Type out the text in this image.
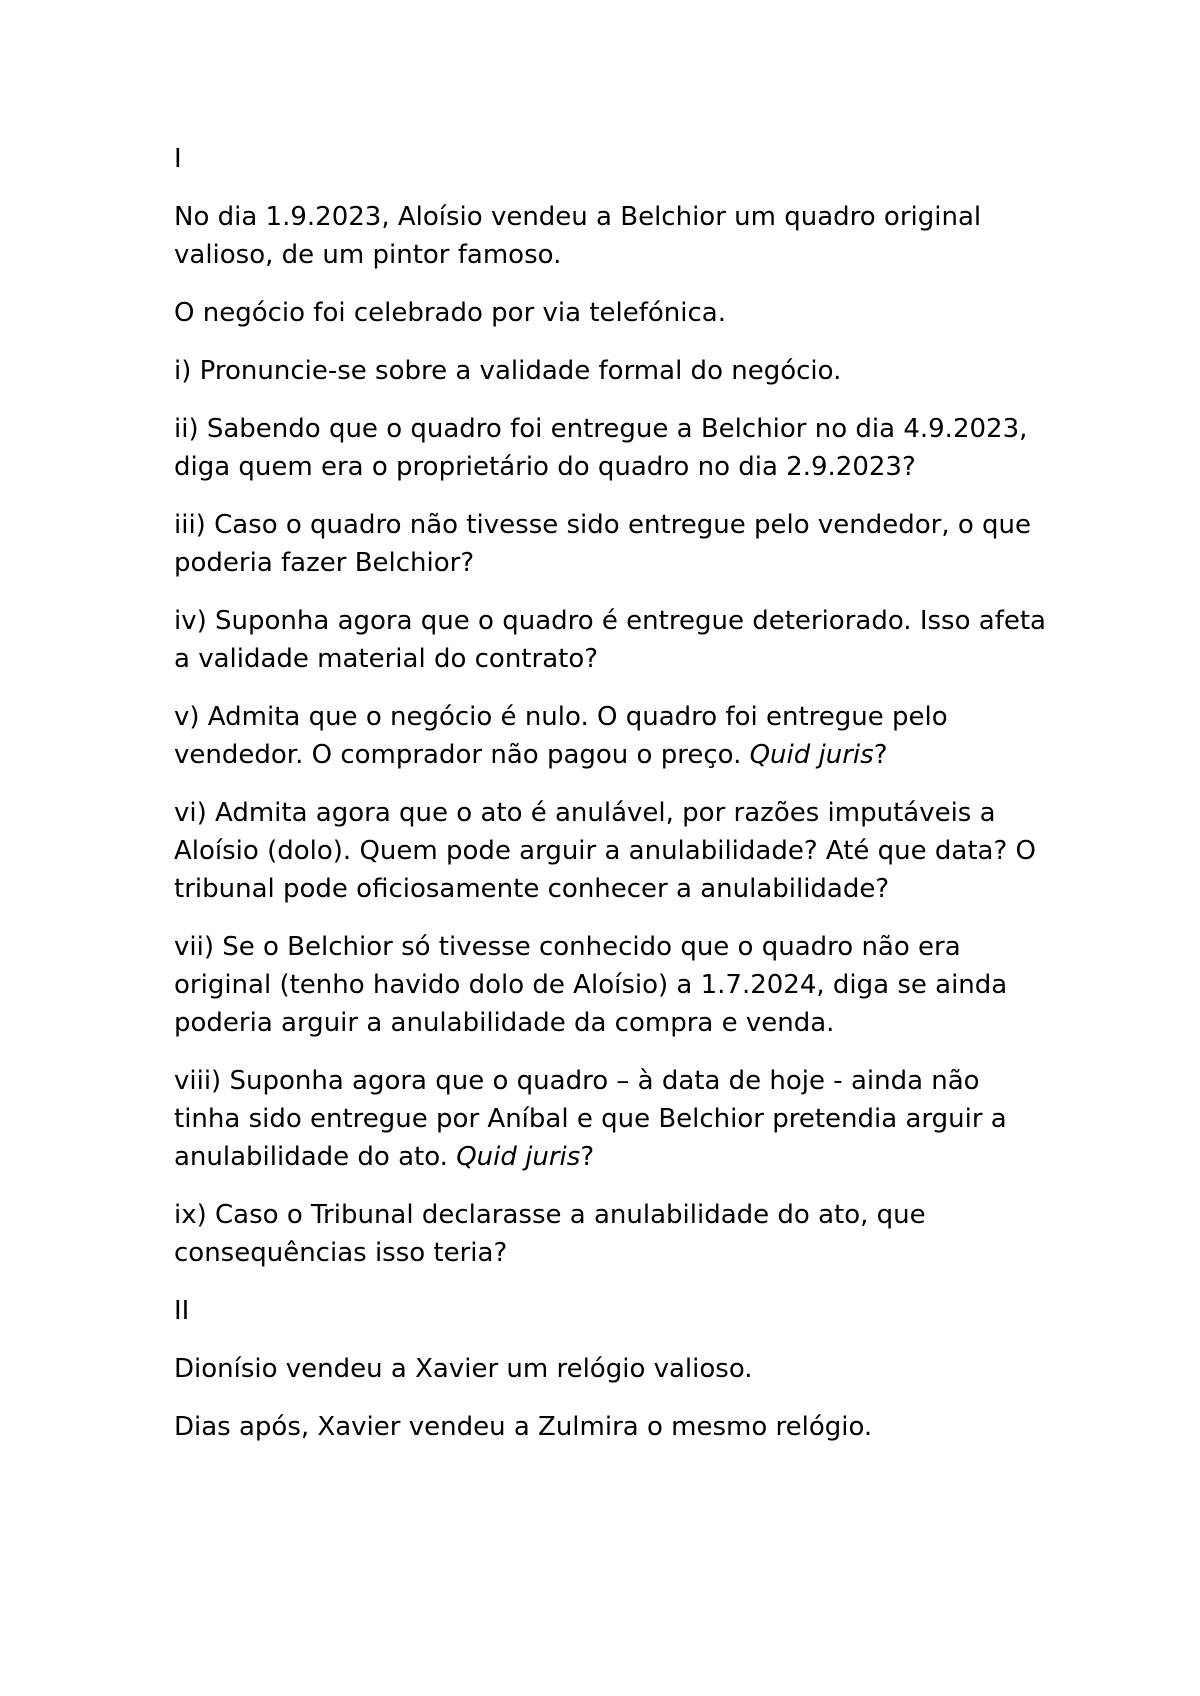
I

No dia 1.9.2023, Aloísio vendeu a Belchior um quadro original valioso, de um pintor famoso.

O negócio foi celebrado por via telefónica.

i) Pronuncie-se sobre a validade formal do negócio.

ii) Sabendo que o quadro foi entregue a Belchior no dia 4.9.2023, diga quem era o proprietário do quadro no dia 2.9.2023?

iii) Caso o quadro não tivesse sido entregue pelo vendedor, o que poderia fazer Belchior?

iv) Suponha agora que o quadro é entregue deteriorado. Isso afeta a validade material do contrato?

v) Admita que o negócio é nulo. O quadro foi entregue pelo vendedor. O comprador não pagou o preço. Quid juris?

vi) Admita agora que o ato é anulável, por razões imputáveis a Aloísio (dolo). Quem pode arguir a anulabilidade? Até que data? O tribunal pode oficiosamente conhecer a anulabilidade?

vii) Se o Belchior só tivesse conhecido que o quadro não era original (tenho havido dolo de Aloísio) a 1.7.2024, diga se ainda poderia arguir a anulabilidade da compra e venda.

viii) Suponha agora que o quadro – à data de hoje - ainda não tinha sido entregue por Aníbal e que Belchior pretendia arguir a anulabilidade do ato. Quid juris?

ix) Caso o Tribunal declarasse a anulabilidade do ato, que consequências isso teria?

II

Dionísio vendeu a Xavier um relógio valioso.

Dias após, Xavier vendeu a Zulmira o mesmo relógio.
